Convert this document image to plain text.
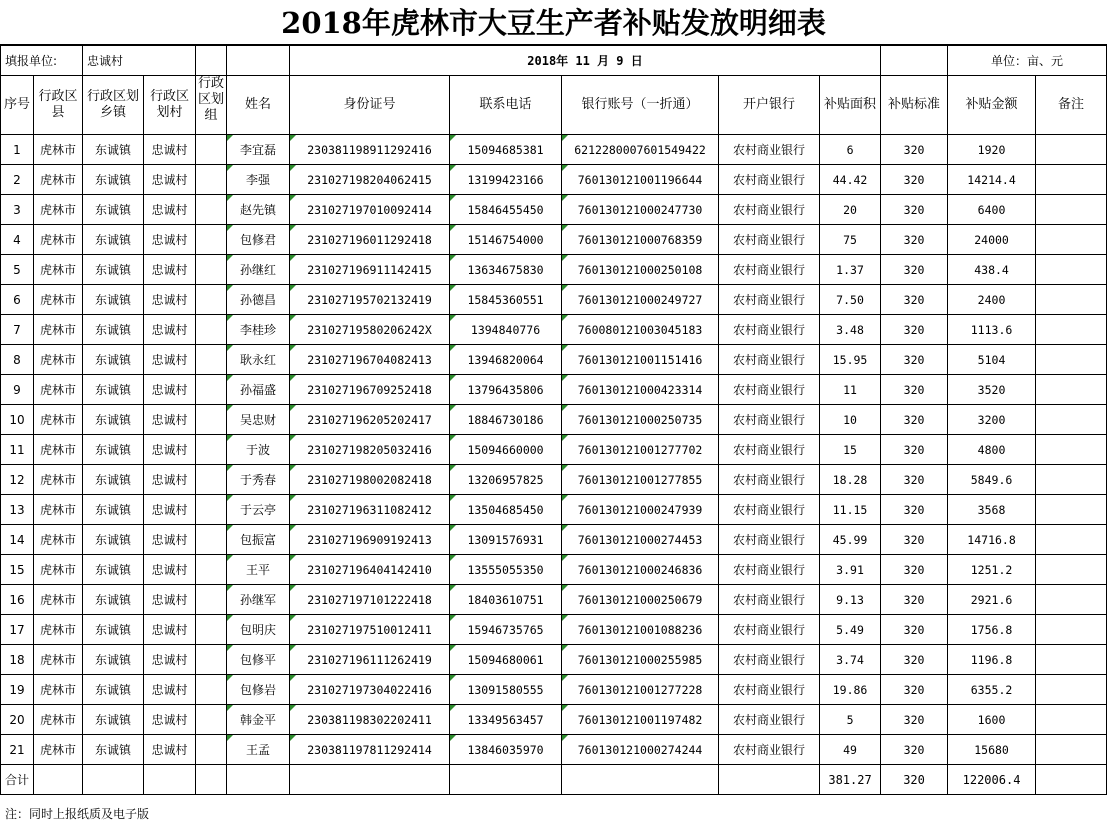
2018年虎林市大豆生产者补贴发放明细表
填报单位:		忠诚村				2018年 11 月 9 日						单位：亩、元	
序号	行政区县	行政区划乡镇	行政区划村	行政区划组	姓名	身份证号	联系电话	银行账号（一折通）	开户银行	补贴面积	补贴标准	补贴金额	备注
1	虎林市	东诚镇	忠诚村		李宜磊	230381198911292416	15094685381	6212280007601549422	农村商业银行	6	320	1920	
2	虎林市	东诚镇	忠诚村		李强	231027198204062415	13199423166	760130121001196644	农村商业银行	44.42	320	14214.4	
3	虎林市	东诚镇	忠诚村		赵先镇	231027197010092414	15846455450	760130121000247730	农村商业银行	20	320	6400	
4	虎林市	东诚镇	忠诚村		包修君	231027196011292418	15146754000	760130121000768359	农村商业银行	75	320	24000	
5	虎林市	东诚镇	忠诚村		孙继红	231027196911142415	13634675830	760130121000250108	农村商业银行	1.37	320	438.4	
6	虎林市	东诚镇	忠诚村		孙德昌	231027195702132419	15845360551	760130121000249727	农村商业银行	7.50	320	2400	
7	虎林市	东诚镇	忠诚村		李桂珍	23102719580206242X	1394840776	760080121003045183	农村商业银行	3.48	320	1113.6	
8	虎林市	东诚镇	忠诚村		耿永红	231027196704082413	13946820064	760130121001151416	农村商业银行	15.95	320	5104	
9	虎林市	东诚镇	忠诚村		孙福盛	231027196709252418	13796435806	760130121000423314	农村商业银行	11	320	3520	
10	虎林市	东诚镇	忠诚村		吴忠财	231027196205202417	18846730186	760130121000250735	农村商业银行	10	320	3200	
11	虎林市	东诚镇	忠诚村		于波	231027198205032416	15094660000	760130121001277702	农村商业银行	15	320	4800	
12	虎林市	东诚镇	忠诚村		于秀春	231027198002082418	13206957825	760130121001277855	农村商业银行	18.28	320	5849.6	
13	虎林市	东诚镇	忠诚村		于云亭	231027196311082412	13504685450	760130121000247939	农村商业银行	11.15	320	3568	
14	虎林市	东诚镇	忠诚村		包振富	231027196909192413	13091576931	760130121000274453	农村商业银行	45.99	320	14716.8	
15	虎林市	东诚镇	忠诚村		王平	231027196404142410	13555055350	760130121000246836	农村商业银行	3.91	320	1251.2	
16	虎林市	东诚镇	忠诚村		孙继军	231027197101222418	18403610751	760130121000250679	农村商业银行	9.13	320	2921.6	
17	虎林市	东诚镇	忠诚村		包明庆	231027197510012411	15946735765	760130121001088236	农村商业银行	5.49	320	1756.8	
18	虎林市	东诚镇	忠诚村		包修平	231027196111262419	15094680061	760130121000255985	农村商业银行	3.74	320	1196.8	
19	虎林市	东诚镇	忠诚村		包修岩	231027197304022416	13091580555	760130121001277228	农村商业银行	19.86	320	6355.2	
20	虎林市	东诚镇	忠诚村		韩金平	230381198302202411	13349563457	760130121001197482	农村商业银行	5	320	1600	
21	虎林市	东诚镇	忠诚村		王孟	230381197811292414	13846035970	760130121000274244	农村商业银行	49	320	15680	
合计										381.27	320	122006.4	
注：同时上报纸质及电子版
